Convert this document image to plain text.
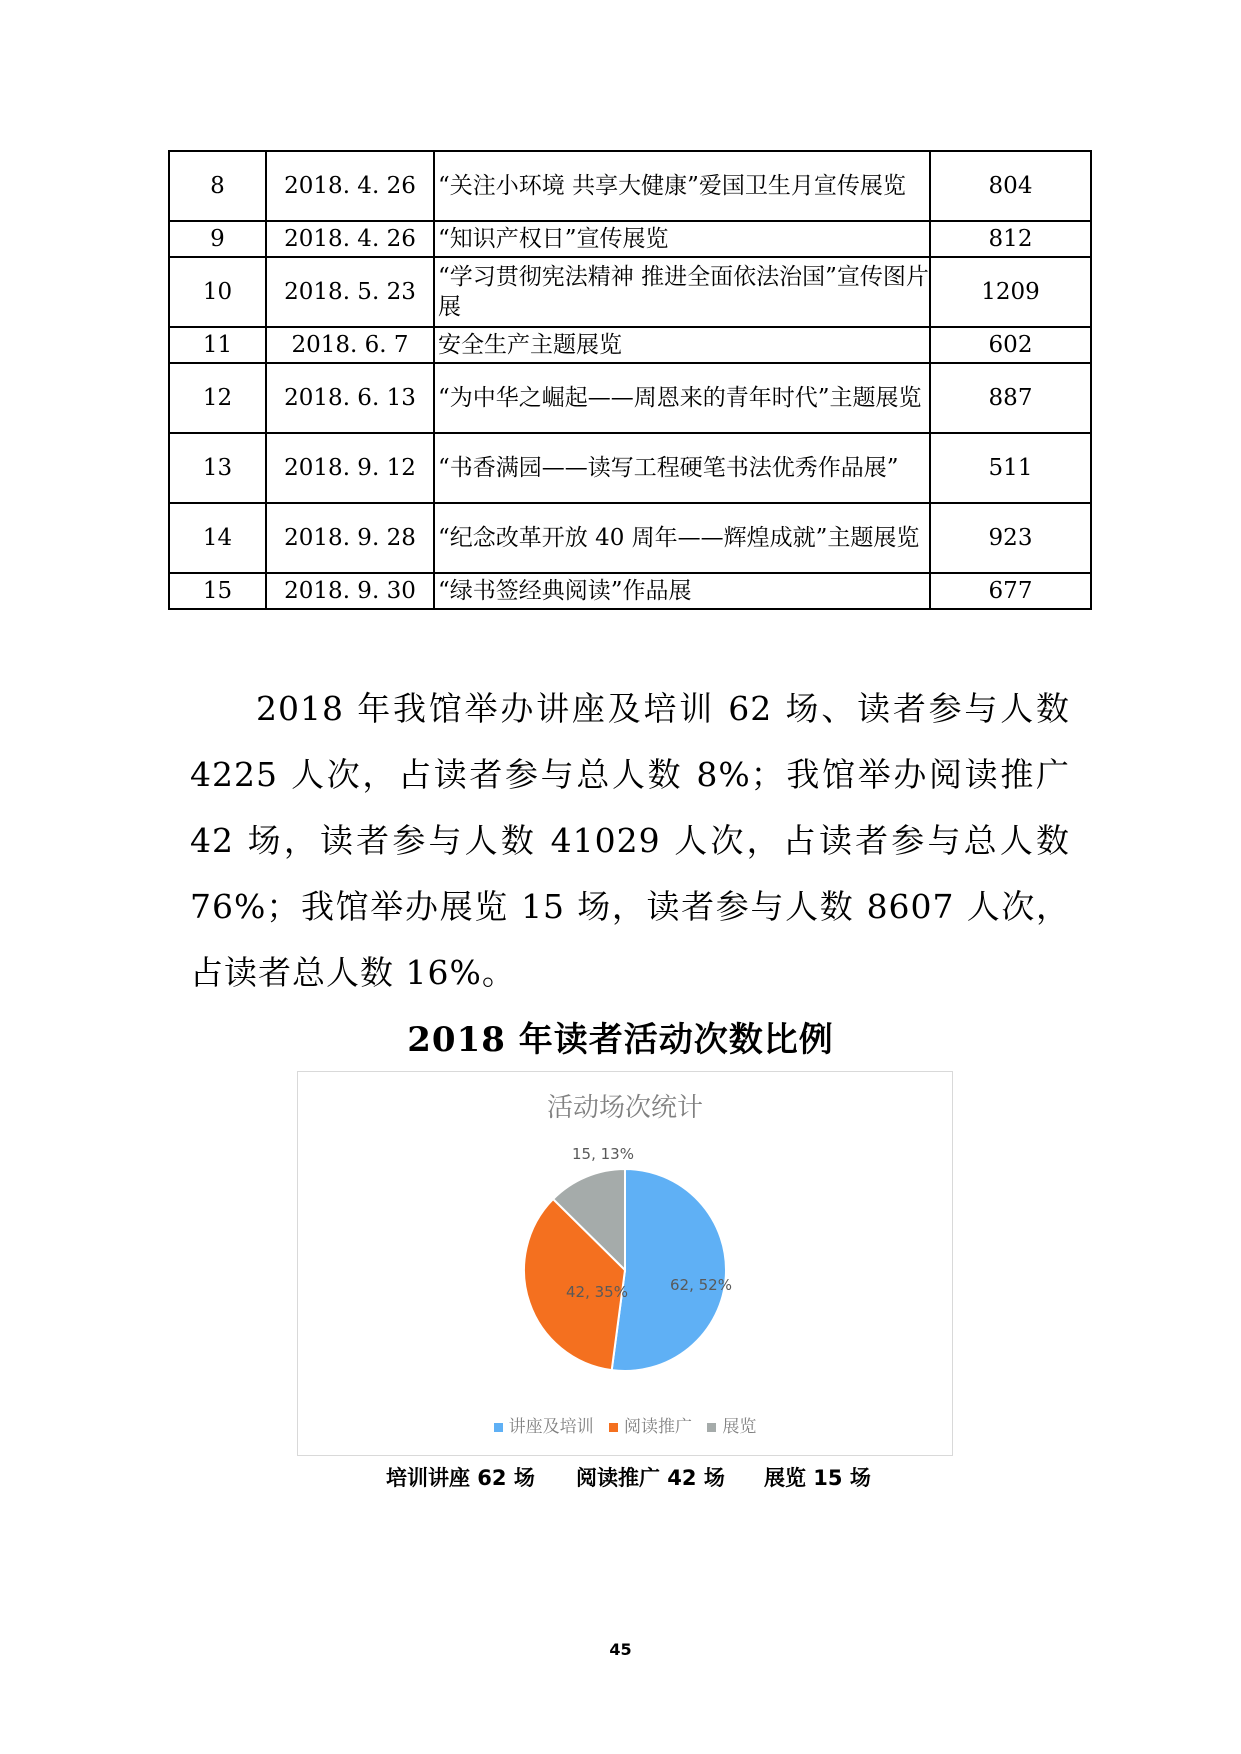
8	2018. 4. 26	“关注小环境 共享大健康”爱国卫生月宣传展览	804
9	2018. 4. 26	“知识产权日”宣传展览	812
10	2018. 5. 23	“学习贯彻宪法精神 推进全面依法治国”宣传图片展	1209
11	2018. 6. 7	安全生产主题展览	602
12	2018. 6. 13	“为中华之崛起——周恩来的青年时代”主题展览	887
13	2018. 9. 12	“书香满园——读写工程硬笔书法优秀作品展”	511
14	2018. 9. 28	“纪念改革开放 40 周年——辉煌成就”主题展览	923
15	2018. 9. 30	“绿书签经典阅读”作品展	677
2018 年我馆举办讲座及培训 62 场、读者参与人数 4225 人次，占读者参与总人数 8%；我馆举办阅读推广 42 场，读者参与人数 41029 人次，占读者参与总人数 76%；我馆举办展览 15 场，读者参与人数 8607 人次，占读者总人数 16%。
2018 年读者活动次数比例
活动场次统计
62, 52%
42, 35%
15, 13%
讲座及培训 阅读推广 展览
培训讲座 62 场 阅读推广 42 场 展览 15 场
45
